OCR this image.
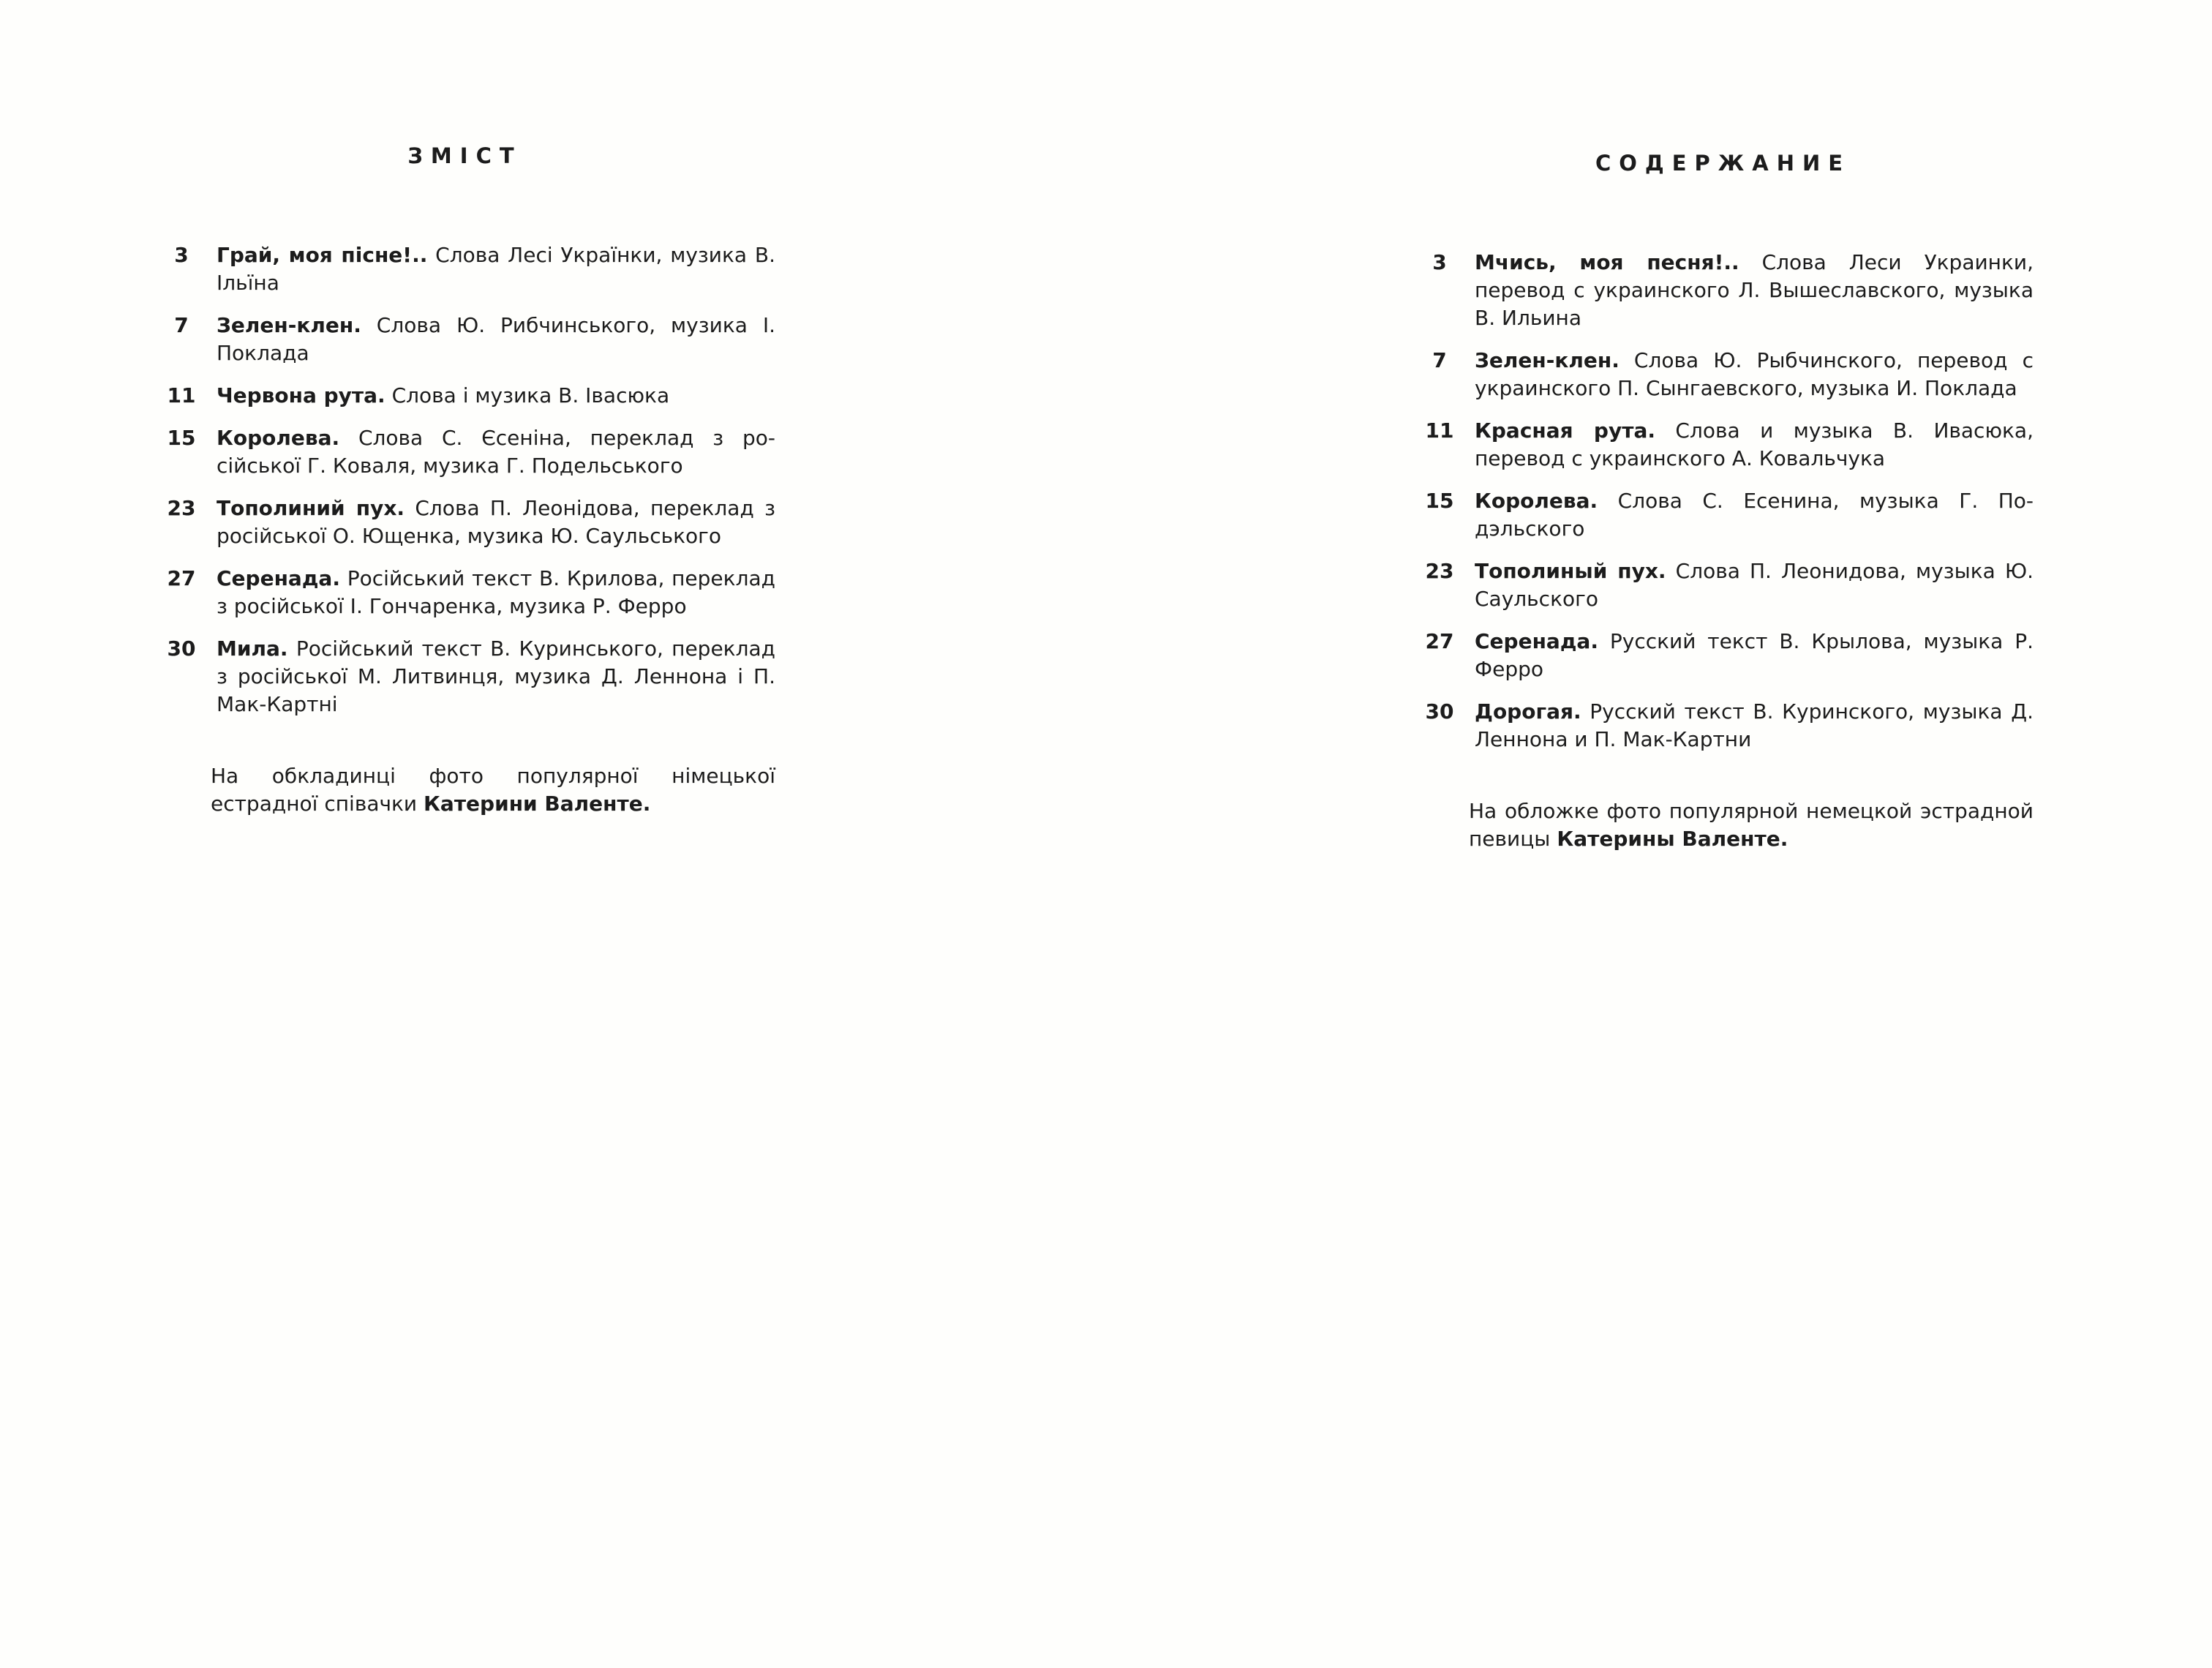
ЗМІСТ
3	Грай, моя пісне!.. Слова Лесі Українки, музика В. Ільїна
7	Зелен-клен. Слова Ю. Рибчинського, музика І. Поклада
11	Червона рута. Слова і музика В. Івасюка
15	Королева. Слова С. Єсеніна, переклад з російської Г. Коваля, музика Г. Подельського
23	Тополиний пух. Слова П. Леонідова, переклад з російської О. Ющенка, музика Ю. Саульського
27	Серенада. Російський текст В. Крилова, переклад з російської І. Гончаренка, музика Р. Ферро
30	Мила. Російський текст В. Куринського, переклад з російської М. Литвинця, музика Д. Леннона і П. Мак-Картні

На обкладинці фото популярної німецької естрадної співачки Катерини Валенте.

СОДЕРЖАНИЕ
3	Мчись, моя песня!.. Слова Леси Украинки, перевод с украинского Л. Вышеславского, музыка В. Ильина
7	Зелен-клен. Слова Ю. Рыбчинского, перевод с украинского П. Сынгаевского, музыка И. Поклада
11	Красная рута. Слова и музыка В. Ивасюка, перевод с украинского А. Ковальчука
15	Королева. Слова С. Есенина, музыка Г. Подэльского
23	Тополиный пух. Слова П. Леонидова, музыка Ю. Саульского
27	Серенада. Русский текст В. Крылова, музыка Р. Ферро
30	Дорогая. Русский текст В. Куринского, музыка Д. Леннона и П. Мак-Картни

На обложке фото популярной немецкой эстрадной певицы Катерины Валенте.
